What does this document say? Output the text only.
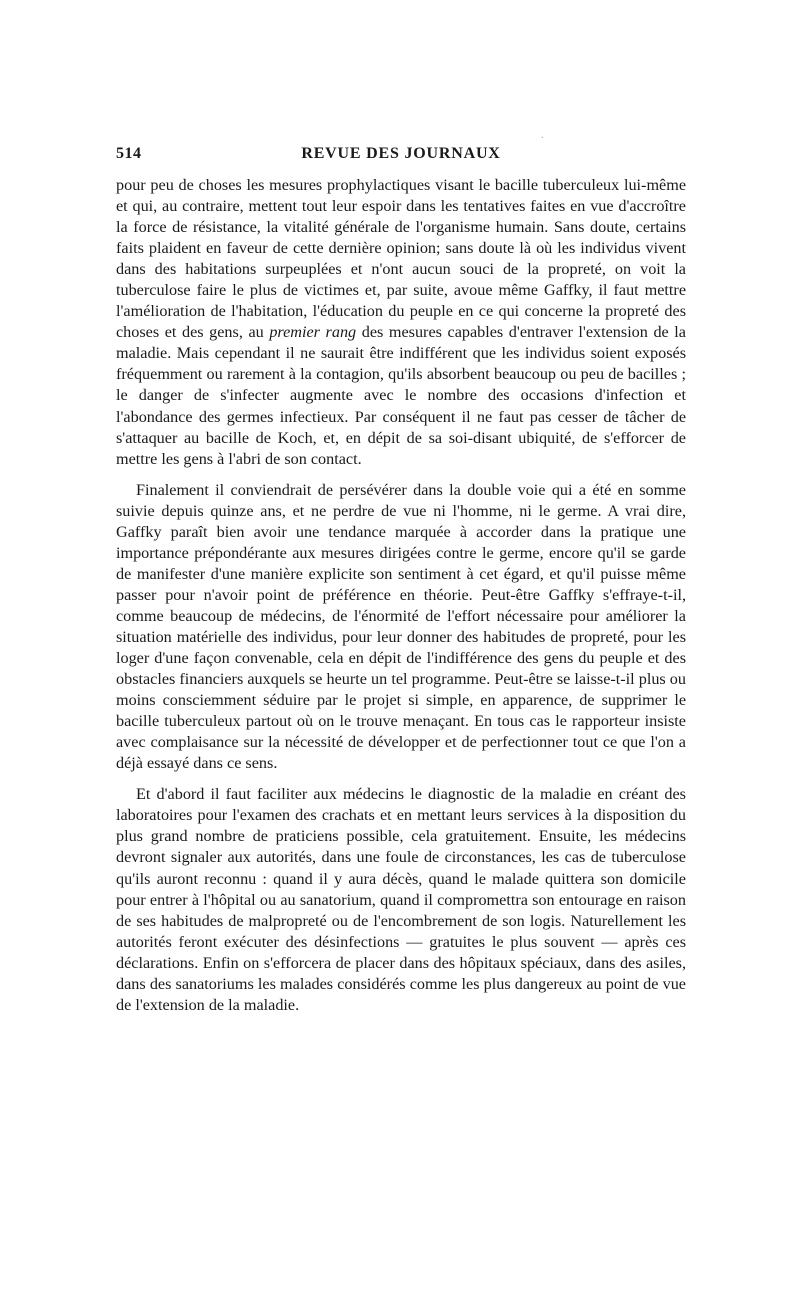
.
514	REVUE DES JOURNAUX

pour peu de choses les mesures prophylactiques visant le bacille tuberculeux lui-même et qui, au contraire, mettent tout leur espoir dans les tentatives faites en vue d'accroître la force de résistance, la vitalité générale de l'organisme humain. Sans doute, certains faits plaident en faveur de cette dernière opinion; sans doute là où les individus vivent dans des habitations surpeuplées et n'ont aucun souci de la propreté, on voit la tuberculose faire le plus de victimes et, par suite, avoue même Gaffky, il faut mettre l'amélioration de l'habitation, l'éducation du peuple en ce qui concerne la propreté des choses et des gens, au premier rang des mesures capables d'entraver l'extension de la maladie. Mais cependant il ne saurait être indifférent que les individus soient exposés fréquemment ou rarement à la contagion, qu'ils absorbent beaucoup ou peu de bacilles ; le danger de s'infecter augmente avec le nombre des occasions d'infection et l'abondance des germes infectieux. Par conséquent il ne faut pas cesser de tâcher de s'attaquer au bacille de Koch, et, en dépit de sa soi-disant ubiquité, de s'efforcer de mettre les gens à l'abri de son contact.

Finalement il conviendrait de persévérer dans la double voie qui a été en somme suivie depuis quinze ans, et ne perdre de vue ni l'homme, ni le germe. A vrai dire, Gaffky paraît bien avoir une tendance marquée à accorder dans la pratique une importance prépondérante aux mesures dirigées contre le germe, encore qu'il se garde de manifester d'une manière explicite son sentiment à cet égard, et qu'il puisse même passer pour n'avoir point de préférence en théorie. Peut-être Gaffky s'effraye-t-il, comme beaucoup de médecins, de l'énormité de l'effort nécessaire pour améliorer la situation matérielle des individus, pour leur donner des habitudes de propreté, pour les loger d'une façon convenable, cela en dépit de l'indifférence des gens du peuple et des obstacles financiers auxquels se heurte un tel programme. Peut-être se laisse-t-il plus ou moins consciemment séduire par le projet si simple, en apparence, de supprimer le bacille tuberculeux partout où on le trouve menaçant. En tous cas le rapporteur insiste avec complaisance sur la nécessité de développer et de perfectionner tout ce que l'on a déjà essayé dans ce sens.

Et d'abord il faut faciliter aux médecins le diagnostic de la maladie en créant des laboratoires pour l'examen des crachats et en mettant leurs services à la disposition du plus grand nombre de praticiens possible, cela gratuitement. Ensuite, les médecins devront signaler aux autorités, dans une foule de circonstances, les cas de tuberculose qu'ils auront reconnu : quand il y aura décès, quand le malade quittera son domicile pour entrer à l'hôpital ou au sanatorium, quand il compromettra son entourage en raison de ses habitudes de malpropreté ou de l'encombrement de son logis. Naturellement les autorités feront exécuter des désinfections — gratuites le plus souvent — après ces déclarations. Enfin on s'efforcera de placer dans des hôpitaux spéciaux, dans des asiles, dans des sanatoriums les malades considérés comme les plus dangereux au point de vue de l'extension de la maladie.
